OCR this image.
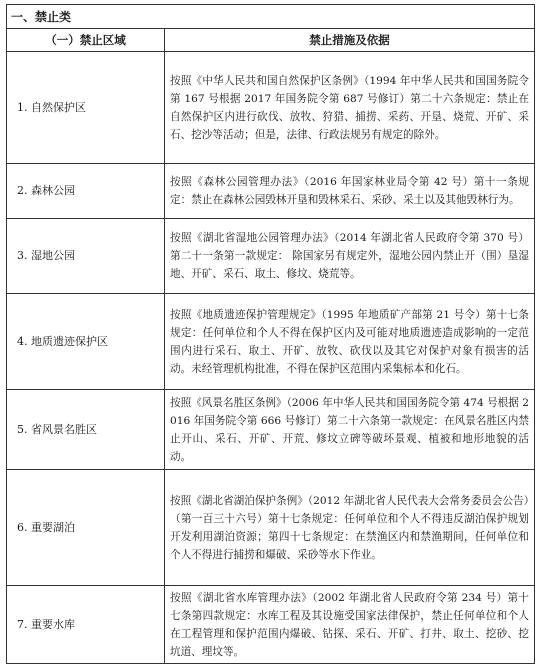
一、禁止类	
（一）禁止区域	禁止措施及依据
1. 自然保护区	按照《中华人民共和国自然保护区条例》（1994 年中华人民共和国国务院令第 167 号根据 2017 年国务院令第 687 号修订）第二十六条规定：禁止在自然保护区内进行砍伐、放牧、狩猎、捕捞、采药、开垦、烧荒、开矿、采石、挖沙等活动；但是，法律、行政法规另有规定的除外。
2. 森林公园	按照《森林公园管理办法》（2016 年国家林业局令第 42 号）第十一条规定：禁止在森林公园毁林开垦和毁林采石、采砂、采土以及其他毁林行为。
3. 湿地公园	按照《湖北省湿地公园管理办法》（2014 年湖北省人民政府令第 370 号）第二十一条第一款规定： 除国家另有规定外，湿地公园内禁止开（围）垦湿地、开矿、采石、取土、修坟、烧荒等。
4. 地质遗迹保护区	按照《地质遗迹保护管理规定》（1995 年地质矿产部第 21 号令）第十七条规定：任何单位和个人不得在保护区内及可能对地质遗迹造成影响的一定范围内进行采石、取土、开矿、放牧、砍伐以及其它对保护对象有损害的活动。未经管理机构批准，不得在保护区范围内采集标本和化石。
5. 省风景名胜区	按照《风景名胜区条例》（2006 年中华人民共和国国务院令第 474 号根据 2016 年国务院令第 666 号修订）第二十六条第一款规定：在风景名胜区内禁止开山、采石、开矿、开荒、修坟立碑等破坏景观、植被和地形地貌的活动。
6. 重要湖泊	按照《湖北省湖泊保护条例》（2012 年湖北省人民代表大会常务委员会公告）（第一百三十六号）第十七条规定：任何单位和个人不得违反湖泊保护规划开发利用湖泊资源；第四十七条规定：在禁渔区内和禁渔期间，任何单位和个人不得进行捕捞和爆破、采砂等水下作业。
7. 重要水库	按照《湖北省水库管理办法》（2002 年湖北省人民政府令第 234 号）第十七条第四款规定：水库工程及其设施受国家法律保护，禁止任何单位和个人在工程管理和保护范围内爆破、钻探、采石、开矿、打井、取土、挖砂、挖坑道、埋坟等。
